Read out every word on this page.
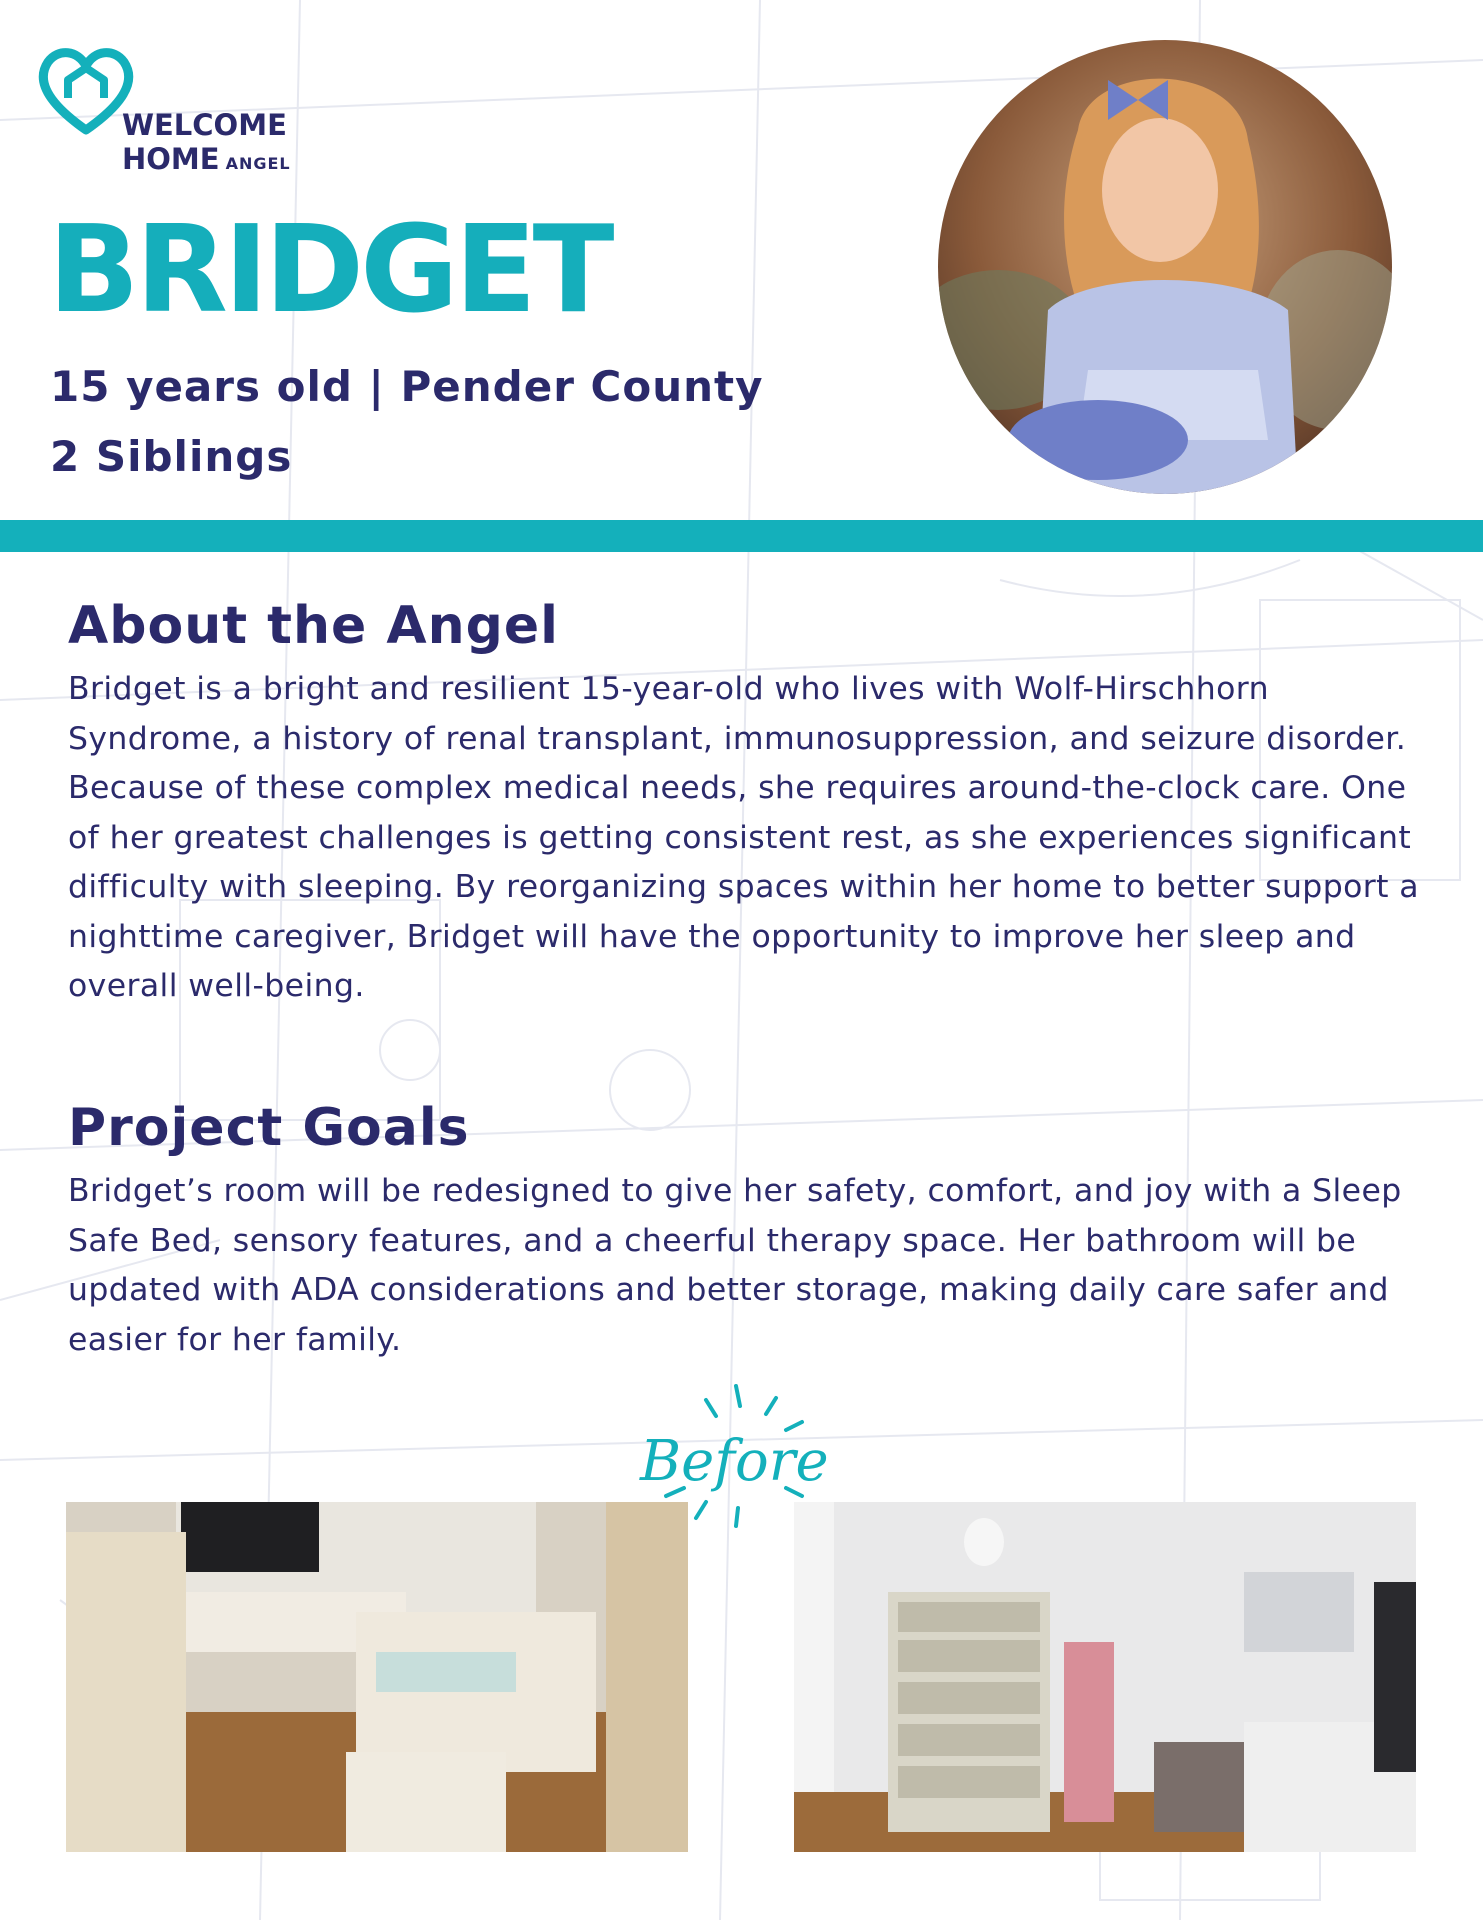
WELCOME
HOME ANGEL
BRIDGET
15 years old | Pender County
2 Siblings
About the Angel
Bridget is a bright and resilient 15-year-old who lives with Wolf-Hirschhorn Syndrome, a history of renal transplant, immunosuppression, and seizure disorder. Because of these complex medical needs, she requires around-the-clock care. One of her greatest challenges is getting consistent rest, as she experiences significant difficulty with sleeping. By reorganizing spaces within her home to better support a nighttime caregiver, Bridget will have the opportunity to improve her sleep and overall well-being.
Project Goals
Bridget’s room will be redesigned to give her safety, comfort, and joy with a Sleep Safe Bed, sensory features, and a cheerful therapy space. Her bathroom will be updated with ADA considerations and better storage, making daily care safer and easier for her family.
Before
